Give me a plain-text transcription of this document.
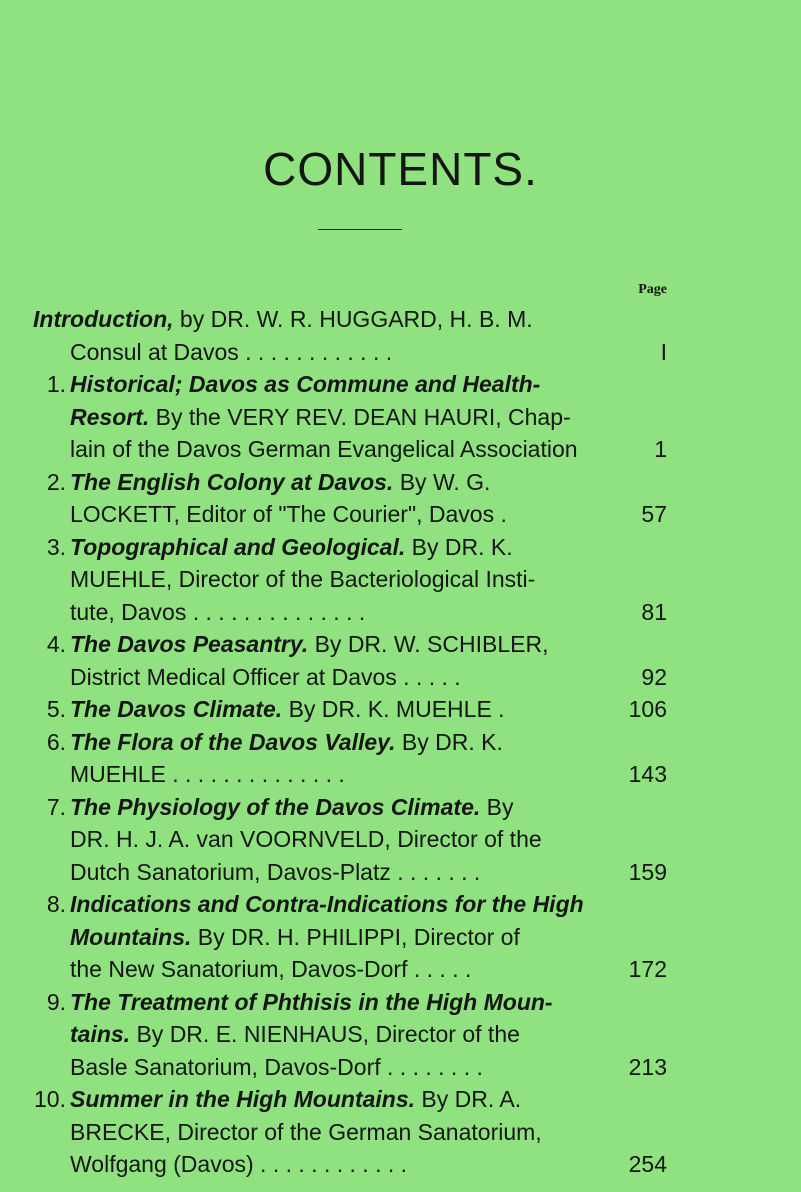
CONTENTS.
Page
Introduction, by DR. W. R. HUGGARD, H. B. M.
Consul at Davos . . . . . . . . . . . .	I
1. Historical; Davos as Commune and Health-
Resort. By the VERY REV. DEAN HAURI, Chap-
lain of the Davos German Evangelical Association	1
2. The English Colony at Davos. By W. G.
LOCKETT, Editor of "The Courier", Davos .	57
3. Topographical and Geological. By DR. K.
MUEHLE, Director of the Bacteriological Insti-
tute, Davos . . . . . . . . . . . . . .	81
4. The Davos Peasantry. By DR. W. SCHIBLER,
District Medical Officer at Davos . . . . .	92
5. The Davos Climate. By DR. K. MUEHLE .	106
6. The Flora of the Davos Valley. By DR. K.
MUEHLE . . . . . . . . . . . . . .	143
7. The Physiology of the Davos Climate. By
DR. H. J. A. van VOORNVELD, Director of the
Dutch Sanatorium, Davos-Platz . . . . . . .	159
8. Indications and Contra-Indications for the High
Mountains. By DR. H. PHILIPPI, Director of
the New Sanatorium, Davos-Dorf . . . . .	172
9. The Treatment of Phthisis in the High Moun-
tains. By DR. E. NIENHAUS, Director of the
Basle Sanatorium, Davos-Dorf . . . . . . . .	213
10. Summer in the High Mountains. By DR. A.
BRECKE, Director of the German Sanatorium,
Wolfgang (Davos) . . . . . . . . . . . .	254
